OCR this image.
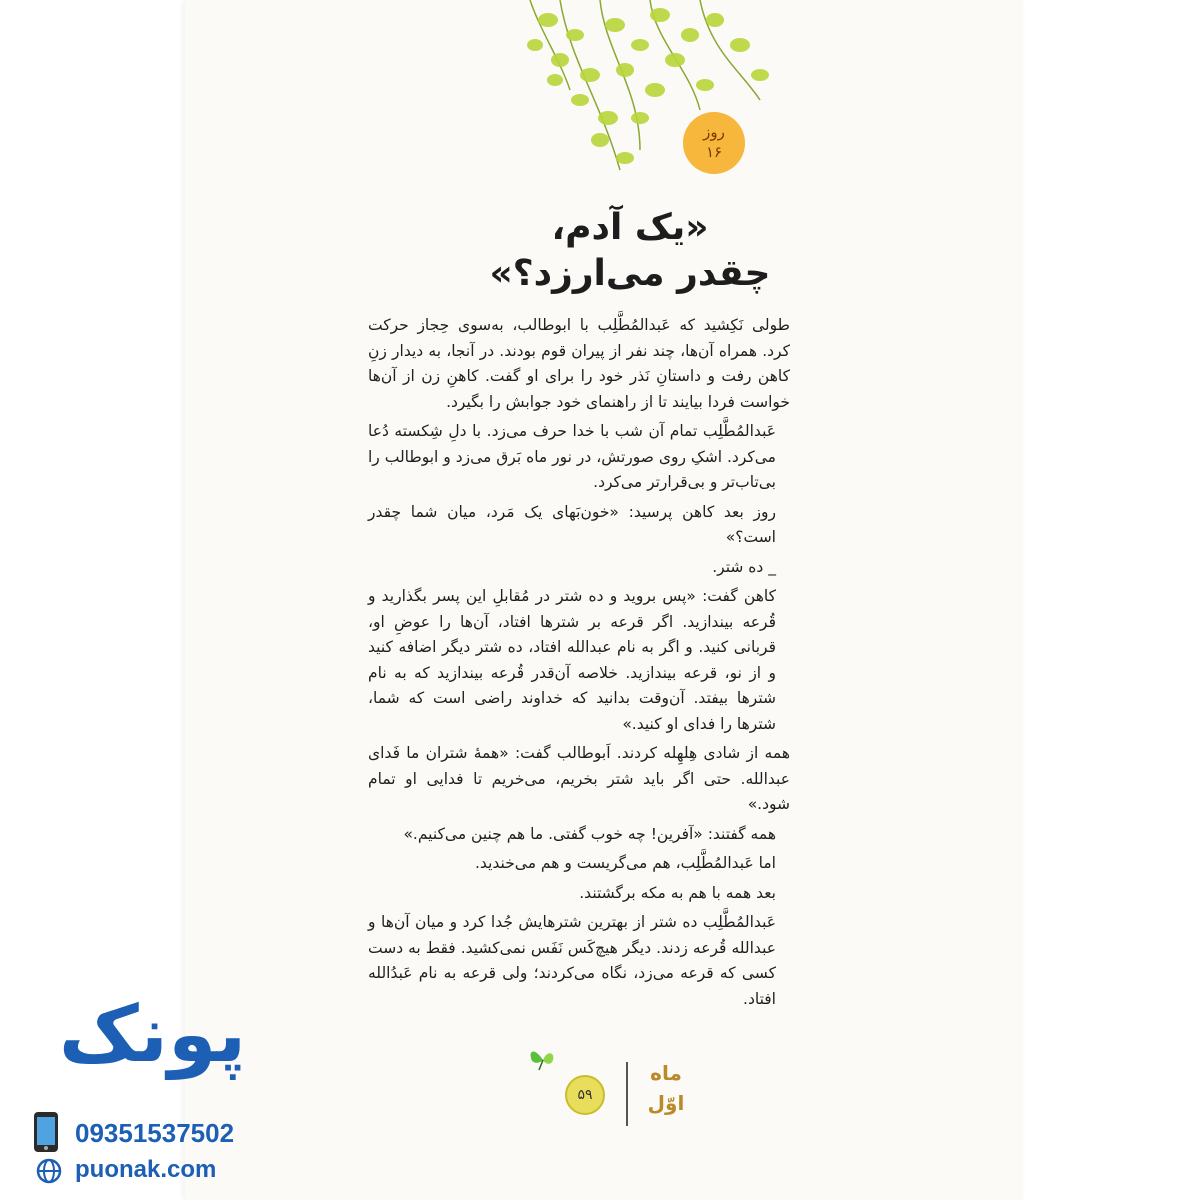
روز
۱۶
«یک آدم،
چقدر می‌ارزد؟»

طولی نَکِشید که عَبدالمُطَّلِب با ابوطالب، به‌سوی حِجاز حرکت کرد. همراه آن‌ها، چند نفر از پیران قوم بودند. در آنجا، به دیدار زنِ کاهن رفت و داستانِ نَذر خود را برای او گفت. کاهنِ زن از آن‌ها خواست فردا بیایند تا از راهنمای خود جوابش را بگیرد.

عَبدالمُطَّلِب تمام آن شب با خدا حرف می‌زد. با دلِ شِکسته دُعا می‌کرد. اشکِ روی صورتش، در نور ماه بَرق می‌زد و ابوطالب را بی‌تاب‌تر و بی‌قرارتر می‌کرد.

روز بعد کاهن پرسید: «خون‌بَهای یک مَرد، میان شما چقدر است؟»

_ ده شتر.

کاهن گفت: «پس بروید و ده شتر در مُقابلِ این پسر بگذارید و قُرعه بیندازید. اگر قرعه بر شترها افتاد، آن‌ها را عوضِ او، قربانی کنید. و اگر به نام عبدالله افتاد، ده شتر دیگر اضافه کنید و از نو، قرعه بیندازید. خلاصه آن‌قدر قُرعه بیندازید که به نام شترها بیفتد. آن‌وقت بدانید که خداوند راضی است که شما، شترها را فدای او کنید.»

همه از شادی هِلهِله کردند. اَبوطالب گفت: «همهٔ شتران ما فَدای عبدالله. حتی اگر باید شتر بخریم، می‌خریم تا فدایی او تمام شود.»

همه گفتند: «آفرین! چه خوب گفتی. ما هم چنین می‌کنیم.»

اما عَبدالمُطَّلِب، هم می‌گریست و هم می‌خندید.

بعد همه با هم به مکه برگشتند.

عَبدالمُطَّلِب ده شتر از بهترین شترهایش جُدا کرد و میان آن‌ها و عبدالله قُرعه زدند. دیگر هیچ‌کَس نَفَس نمی‌کشید. فقط به دست کسی که قرعه می‌زد، نگاه می‌کردند؛ ولی قرعه به نام عَبدُالله افتاد.

۵۹
ماه
اوّل
پونک
09351537502
puonak.com
